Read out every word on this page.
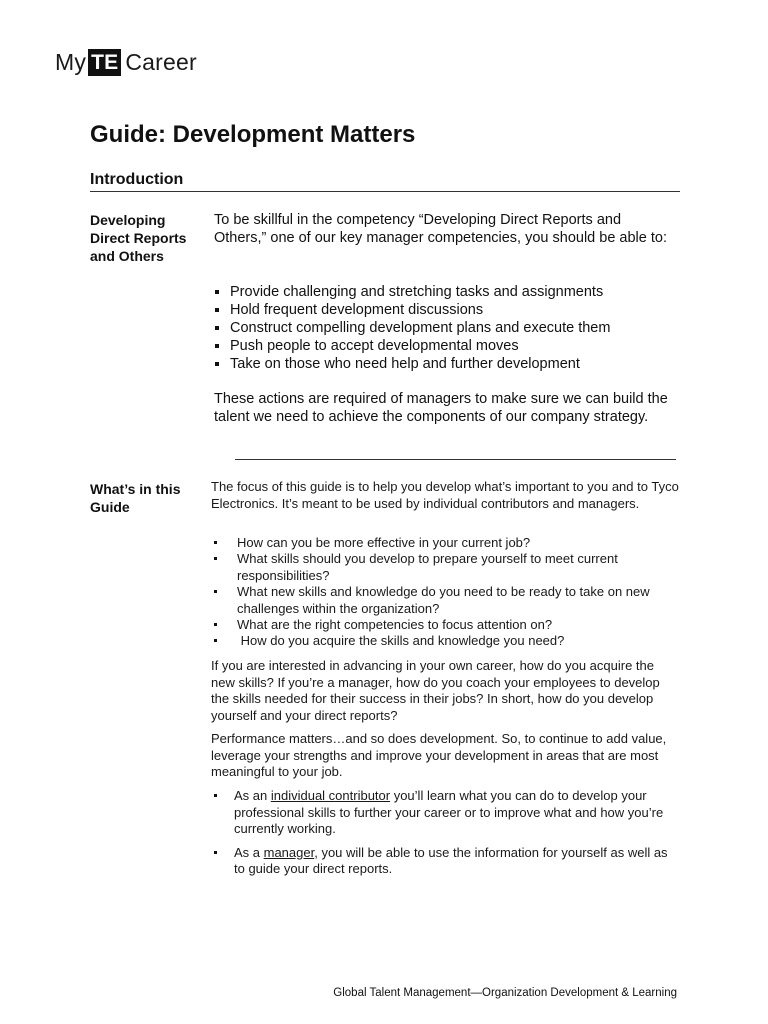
My TE Career
Guide: Development Matters
Introduction
Developing Direct Reports and Others

To be skillful in the competency “Developing Direct Reports and Others,” one of our key manager competencies, you should be able to:

Provide challenging and stretching tasks and assignments
Hold frequent development discussions
Construct compelling development plans and execute them
Push people to accept developmental moves
Take on those who need help and further development

These actions are required of managers to make sure we can build the talent we need to achieve the components of our company strategy.

What’s in this Guide

The focus of this guide is to help you develop what’s important to you and to Tyco Electronics. It’s meant to be used by individual contributors and managers.

How can you be more effective in your current job?
What skills should you develop to prepare yourself to meet current responsibilities?
What new skills and knowledge do you need to be ready to take on new challenges within the organization?
What are the right competencies to focus attention on?
How do you acquire the skills and knowledge you need?

If you are interested in advancing in your own career, how do you acquire the new skills? If you’re a manager, how do you coach your employees to develop the skills needed for their success in their jobs? In short, how do you develop yourself and your direct reports?

Performance matters…and so does development. So, to continue to add value, leverage your strengths and improve your development in areas that are most meaningful to your job.

As an individual contributor you’ll learn what you can do to develop your professional skills to further your career or to improve what and how you’re currently working.
As a manager, you will be able to use the information for yourself as well as to guide your direct reports.
Global Talent Management—Organization Development & Learning
